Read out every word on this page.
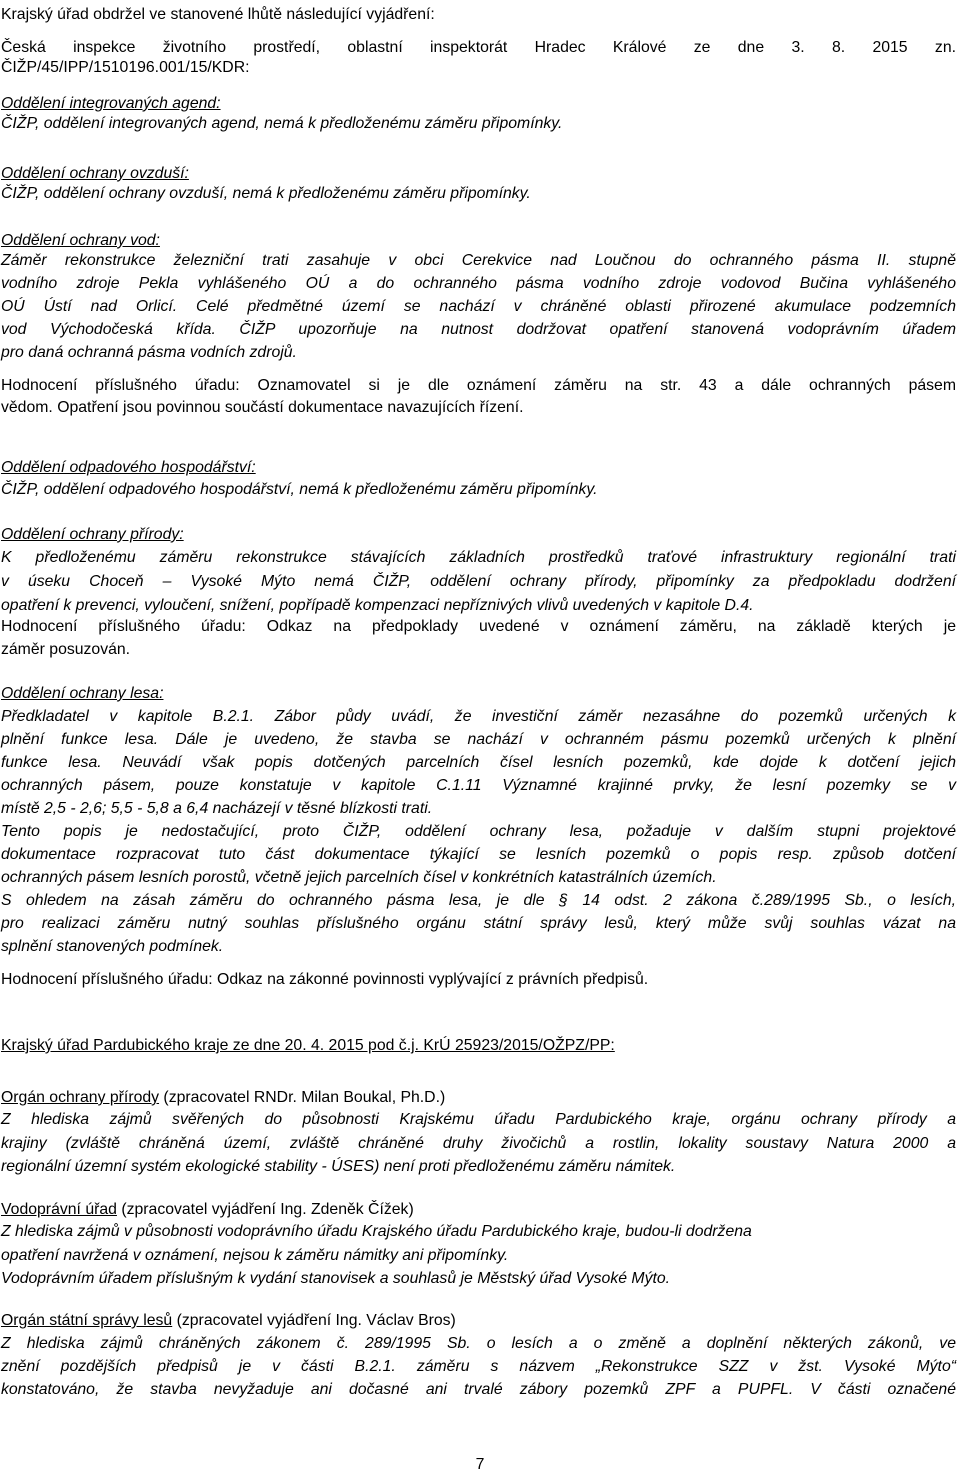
Krajský úřad obdržel ve stanovené lhůtě následující vyjádření:
Česká inspekce životního prostředí, oblastní inspektorát Hradec Králové ze dne 3. 8. 2015 zn.
ČIŽP/45/IPP/1510196.001/15/KDR:
Oddělení integrovaných agend:
ČIŽP, oddělení integrovaných agend, nemá k předloženému záměru připomínky.
Oddělení ochrany ovzduší:
ČIŽP, oddělení ochrany ovzduší, nemá k předloženému záměru připomínky.
Oddělení ochrany vod:
Záměr rekonstrukce železniční trati zasahuje v obci Cerekvice nad Loučnou do ochranného pásma II. stupně
vodního zdroje Pekla vyhlášeného OÚ a do ochranného pásma vodního zdroje vodovod Bučina vyhlášeného
OÚ Ústí nad Orlicí. Celé předmětné území se nachází v chráněné oblasti přirozené akumulace podzemních
vod Východočeská křída. ČIŽP upozorňuje na nutnost dodržovat opatření stanovená vodoprávním úřadem
pro daná ochranná pásma vodních zdrojů.
Hodnocení příslušného úřadu: Oznamovatel si je dle oznámení záměru na str. 43 a dále ochranných pásem
vědom. Opatření jsou povinnou součástí dokumentace navazujících řízení.
Oddělení odpadového hospodářství:
ČIŽP, oddělení odpadového hospodářství, nemá k předloženému záměru připomínky.
Oddělení ochrany přírody:
K předloženému záměru rekonstrukce stávajících základních prostředků traťové infrastruktury regionální trati
v úseku Choceň – Vysoké Mýto nemá ČIŽP, oddělení ochrany přírody, připomínky za předpokladu dodržení
opatření k prevenci, vyloučení, snížení, popřípadě kompenzaci nepříznivých vlivů uvedených v kapitole D.4.
Hodnocení příslušného úřadu: Odkaz na předpoklady uvedené v oznámení záměru, na základě kterých je
záměr posuzován.
Oddělení ochrany lesa:
Předkladatel v kapitole B.2.1. Zábor půdy uvádí, že investiční záměr nezasáhne do pozemků určených k
plnění funkce lesa. Dále je uvedeno, že stavba se nachází v ochranném pásmu pozemků určených k plnění
funkce lesa. Neuvádí však popis dotčených parcelních čísel lesních pozemků, kde dojde k dotčení jejich
ochranných pásem, pouze konstatuje v kapitole C.1.11 Významné krajinné prvky, že lesní pozemky se v
místě 2,5 - 2,6; 5,5 - 5,8 a 6,4 nacházejí v těsné blízkosti trati.
Tento popis je nedostačující, proto ČIŽP, oddělení ochrany lesa, požaduje v dalším stupni projektové
dokumentace rozpracovat tuto část dokumentace týkající se lesních pozemků o popis resp. způsob dotčení
ochranných pásem lesních porostů, včetně jejich parcelních čísel v konkrétních katastrálních územích.
S ohledem na zásah záměru do ochranného pásma lesa, je dle § 14 odst. 2 zákona č.289/1995 Sb., o lesích,
pro realizaci záměru nutný souhlas příslušného orgánu státní správy lesů, který může svůj souhlas vázat na
splnění stanovených podmínek.
Hodnocení příslušného úřadu: Odkaz na zákonné povinnosti vyplývající z právních předpisů.
Krajský úřad Pardubického kraje ze dne 20. 4. 2015 pod č.j. KrÚ 25923/2015/OŽPZ/PP:
Orgán ochrany přírody (zpracovatel RNDr. Milan Boukal, Ph.D.)
Z hlediska zájmů svěřených do působnosti Krajskému úřadu Pardubického kraje, orgánu ochrany přírody a
krajiny (zvláště chráněná území, zvláště chráněné druhy živočichů a rostlin, lokality soustavy Natura 2000 a
regionální územní systém ekologické stability - ÚSES) není proti předloženému záměru námitek.
Vodoprávní úřad (zpracovatel vyjádření Ing. Zdeněk Čížek)
Z hlediska zájmů v působnosti vodoprávního úřadu Krajského úřadu Pardubického kraje, budou-li dodržena
opatření navržená v oznámení, nejsou k záměru námitky ani připomínky.
Vodoprávním úřadem příslušným k vydání stanovisek a souhlasů je Městský úřad Vysoké Mýto.
Orgán státní správy lesů (zpracovatel vyjádření Ing. Václav Bros)
Z hlediska zájmů chráněných zákonem č. 289/1995 Sb. o lesích a o změně a doplnění některých zákonů, ve
znění pozdějších předpisů je v části B.2.1. záměru s názvem „Rekonstrukce SZZ v žst. Vysoké Mýto“
konstatováno, že stavba nevyžaduje ani dočasné ani trvalé zábory pozemků ZPF a PUPFL. V části označené
7
